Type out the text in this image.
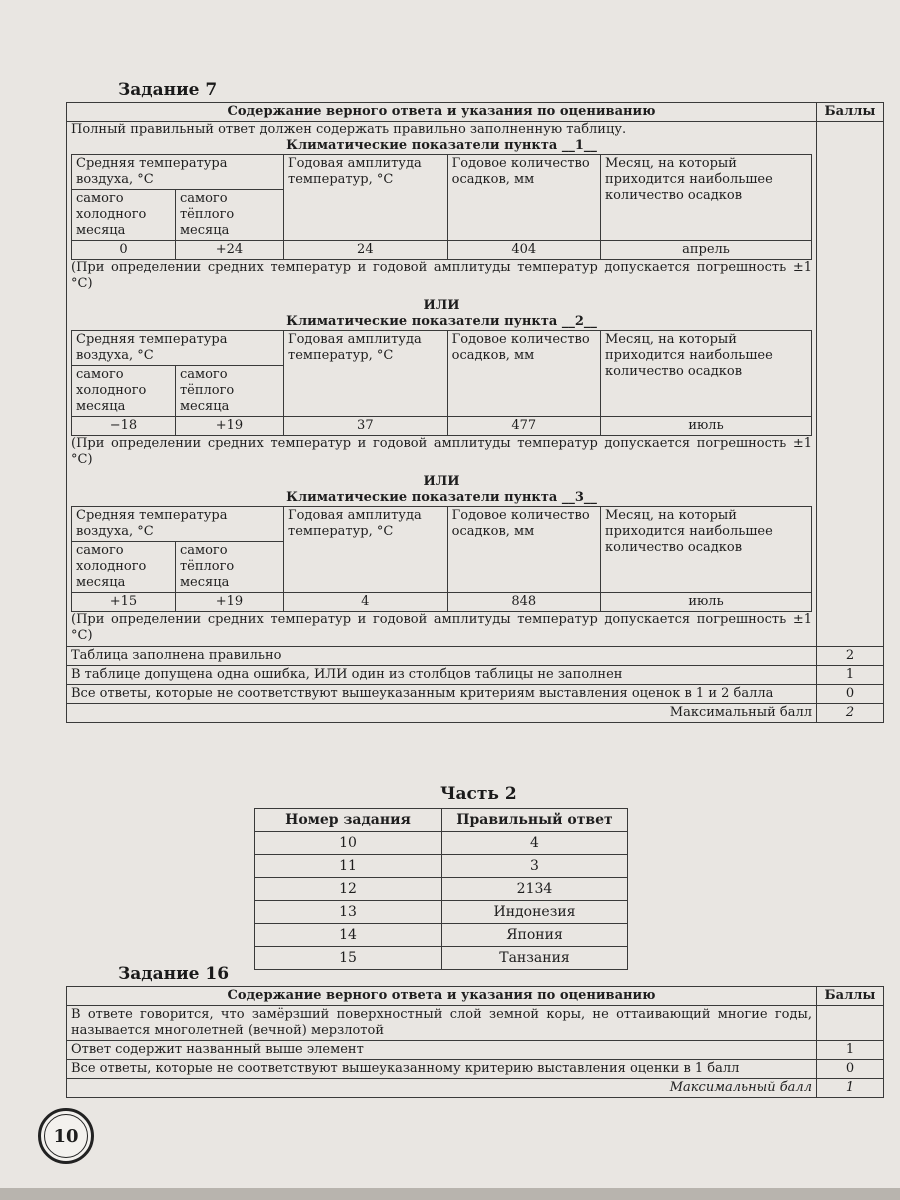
Задание 7
Содержание верного ответа и указания по оцениванию	Баллы

Полный правильный ответ должен содержать правильно заполненную таблицу.
Климатические показатели пункта __1__
Средняя температура воздуха, °С	Годовая амплитуда температур, °С	Годовое количество осадков, мм	Месяц, на который приходится наибольшее количество осадков
самого холодного месяца	самого тёплого месяца
0	+24	24	404	апрель
(При определении средних температур и годовой амплитуды температур допускается погрешность ±1 °С)
ИЛИ
Климатические показатели пункта __2__
Средняя температура воздуха, °С	Годовая амплитуда температур, °С	Годовое количество осадков, мм	Месяц, на который приходится наибольшее количество осадков
самого холодного месяца	самого тёплого месяца
−18	+19	37	477	июль
(При определении средних температур и годовой амплитуды температур допускается погрешность ±1 °С)
ИЛИ
Климатические показатели пункта __3__
Средняя температура воздуха, °С	Годовая амплитуда температур, °С	Годовое количество осадков, мм	Месяц, на который приходится наибольшее количество осадков
самого холодного месяца	самого тёплого месяца
+15	+19	4	848	июль
(При определении средних температур и годовой амплитуды температур допускается погрешность ±1 °С)

Таблица заполнена правильно	2
В таблице допущена одна ошибка, ИЛИ один из столбцов таблицы не заполнен	1
Все ответы, которые не соответствуют вышеуказанным критериям выставления оценок в 1 и 2 балла	0
Максимальный балл	2
Часть 2
Номер задания	Правильный ответ
10	4
11	3
12	2134
13	Индонезия
14	Япония
15	Танзания
Задание 16
Содержание верного ответа и указания по оцениванию	Баллы
В ответе говорится, что замёрзший поверхностный слой земной коры, не оттаивающий многие годы, называется многолетней (вечной) мерзлотой	
Ответ содержит названный выше элемент	1
Все ответы, которые не соответствуют вышеуказанному критерию выставления оценки в 1 балл	0
Максимальный балл	1
10
